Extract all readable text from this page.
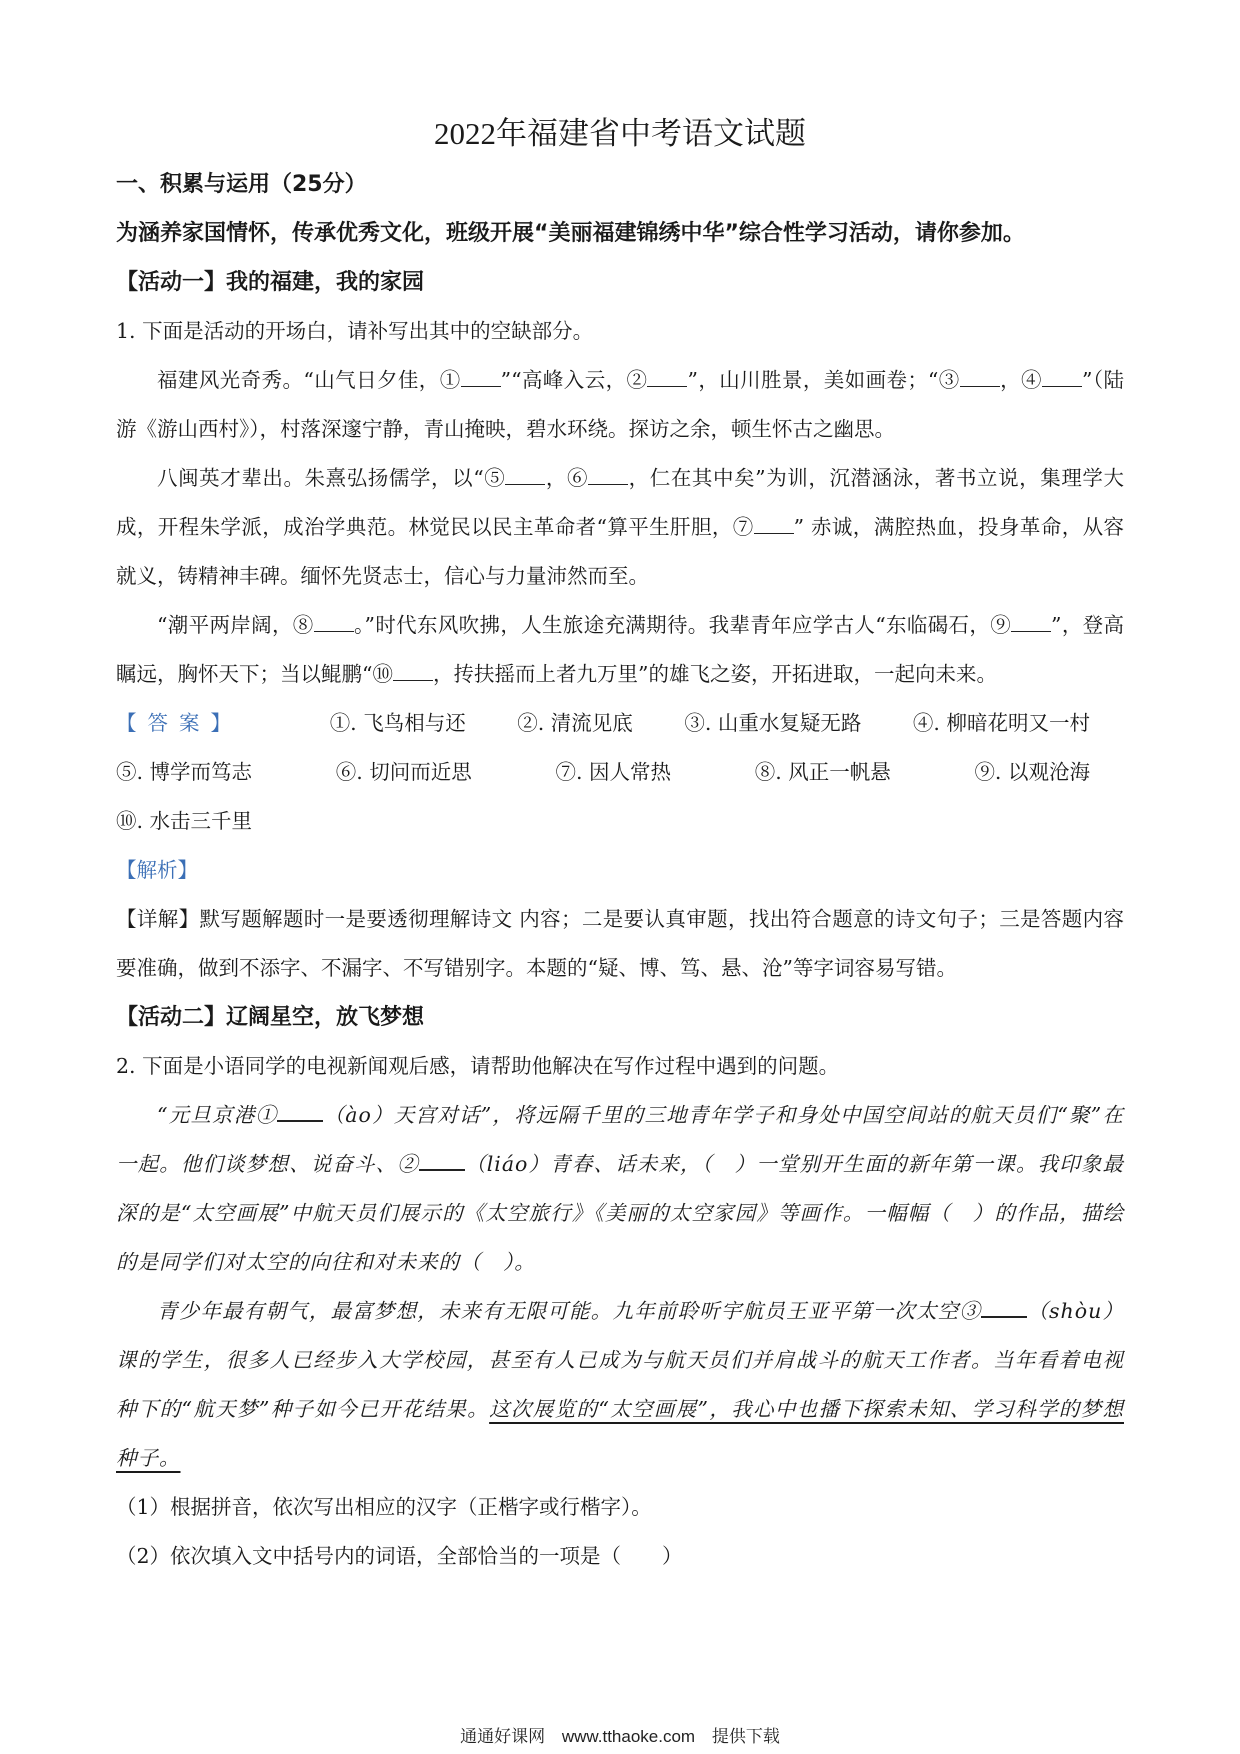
2022年福建省中考语文试题

一、积累与运用（25分）

为涵养家国情怀，传承优秀文化，班级开展“美丽福建锦绣中华”综合性学习活动，请你参加。

【活动一】我的福建，我的家园

1. 下面是活动的开场白，请补写出其中的空缺部分。

福建风光奇秀。“山气日夕佳，① ”“高峰入云，② ”，山川胜景，美如画卷；“③ ，④ ”（陆游《游山西村》），村落深邃宁静，青山掩映，碧水环绕。探访之余，顿生怀古之幽思。

八闽英才辈出。朱熹弘扬儒学，以“⑤ ，⑥ ，仁在其中矣”为训，沉潜涵泳，著书立说，集理学大成，开程朱学派，成治学典范。林觉民以民主革命者“算平生肝胆，⑦ ” 赤诚，满腔热血，投身革命，从容就义，铸精神丰碑。缅怀先贤志士，信心与力量沛然而至。

“潮平两岸阔，⑧ 。”时代东风吹拂，人生旅途充满期待。我辈青年应学古人“东临碣石，⑨ ”，登高瞩远，胸怀天下；当以鲲鹏“⑩ ，抟扶摇而上者九万里”的雄飞之姿，开拓进取，一起向未来。

【答案】	①. 飞鸟相与还	②. 清流见底	③. 山重水复疑无路	④. 柳暗花明又一村 ⑤. 博学而笃志	⑥. 切问而近思	⑦. 因人常热	⑧. 风正一帆悬	⑨. 以观沧海 ⑩. 水击三千里

【解析】

【详解】默写题解题时一是要透彻理解诗文 内容；二是要认真审题，找出符合题意的诗文句子；三是答题内容要准确，做到不添字、不漏字、不写错别字。本题的“疑、博、笃、悬、沧”等字词容易写错。

【活动二】辽阔星空，放飞梦想

2. 下面是小语同学的电视新闻观后感，请帮助他解决在写作过程中遇到的问题。

“元旦京港① （ào）天宫对话”，将远隔千里的三地青年学子和身处中国空间站的航天员们“聚”在一起。他们谈梦想、说奋斗、② （liáo）青春、话未来，（　）一堂别开生面的新年第一课。我印象最深的是“太空画展”中航天员们展示的《太空旅行》《美丽的太空家园》等画作。一幅幅（　）的作品，描绘的是同学们对太空的向往和对未来的（　）。

青少年最有朝气，最富梦想，未来有无限可能。九年前聆听宇航员王亚平第一次太空③ （shòu）课的学生，很多人已经步入大学校园，甚至有人已成为与航天员们并肩战斗的航天工作者。当年看着电视种下的“航天梦”种子如今已开花结果。这次展览的“太空画展”，我心中也播下探索未知、学习科学的梦想种子。

（1）根据拼音，依次写出相应的汉字（正楷字或行楷字）。

（2）依次填入文中括号内的词语，全部恰当的一项是（　　）

通通好课网 www.tthaoke.com 提供下载
